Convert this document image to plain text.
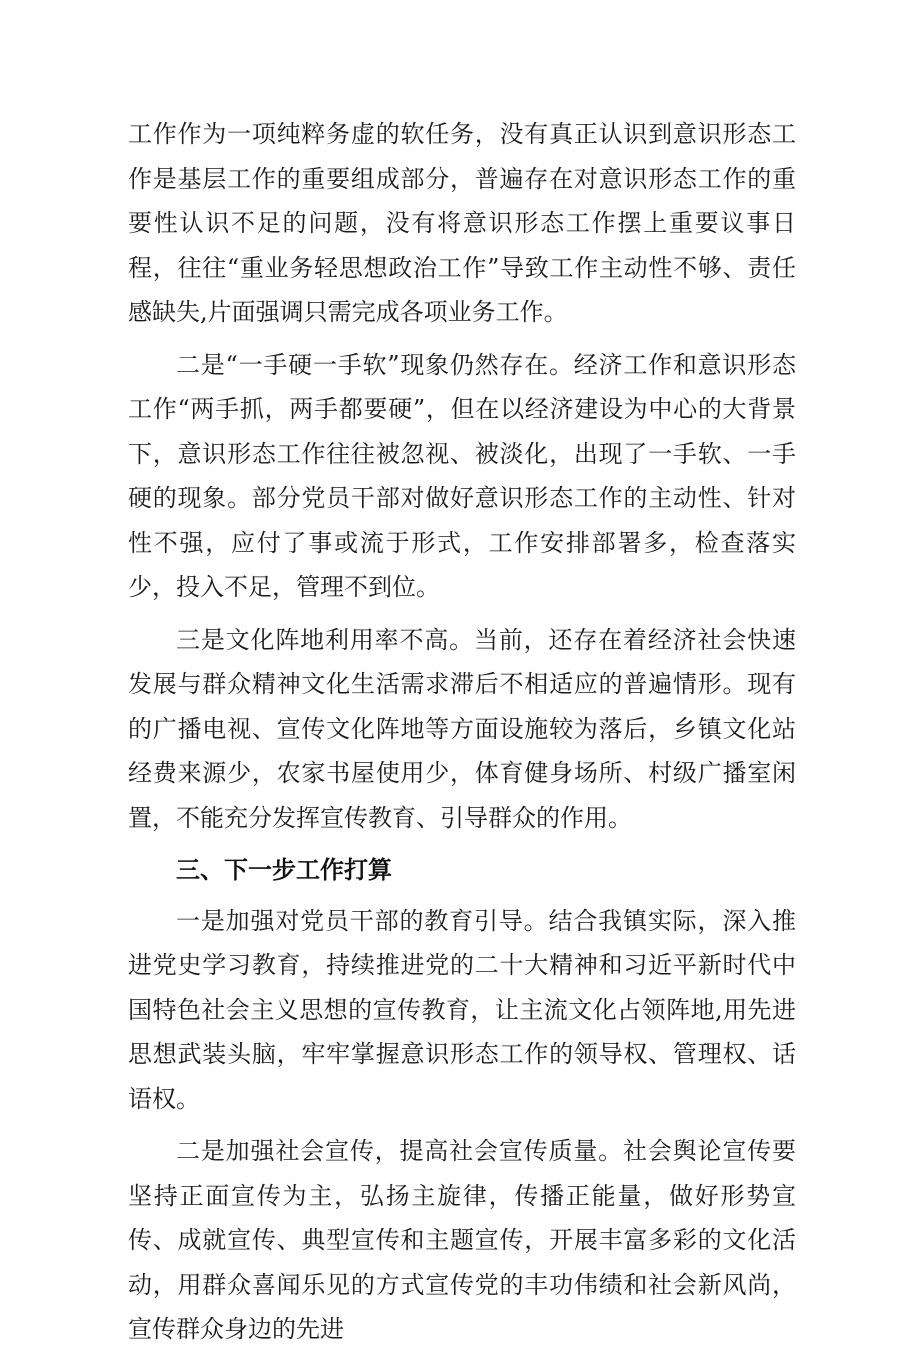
工作作为一项纯粹务虚的软任务，没有真正认识到意识形态工作是基层工作的重要组成部分，普遍存在对意识形态工作的重要性认识不足的问题，没有将意识形态工作摆上重要议事日程，往往“重业务轻思想政治工作”导致工作主动性不够、责任感缺失,片面强调只需完成各项业务工作。

二是“一手硬一手软”现象仍然存在。经济工作和意识形态工作“两手抓，两手都要硬”，但在以经济建设为中心的大背景下，意识形态工作往往被忽视、被淡化，出现了一手软、一手硬的现象。部分党员干部对做好意识形态工作的主动性、针对性不强，应付了事或流于形式，工作安排部署多，检查落实少，投入不足，管理不到位。

三是文化阵地利用率不高。当前，还存在着经济社会快速发展与群众精神文化生活需求滞后不相适应的普遍情形。现有的广播电视、宣传文化阵地等方面设施较为落后，乡镇文化站经费来源少，农家书屋使用少，体育健身场所、村级广播室闲置，不能充分发挥宣传教育、引导群众的作用。

三、下一步工作打算

一是加强对党员干部的教育引导。结合我镇实际，深入推进党史学习教育，持续推进党的二十大精神和习近平新时代中国特色社会主义思想的宣传教育，让主流文化占领阵地,用先进思想武装头脑，牢牢掌握意识形态工作的领导权、管理权、话语权。

二是加强社会宣传，提高社会宣传质量。社会舆论宣传要坚持正面宣传为主，弘扬主旋律，传播正能量，做好形势宣传、成就宣传、典型宣传和主题宣传，开展丰富多彩的文化活动，用群众喜闻乐见的方式宣传党的丰功伟绩和社会新风尚，宣传群众身边的先进
